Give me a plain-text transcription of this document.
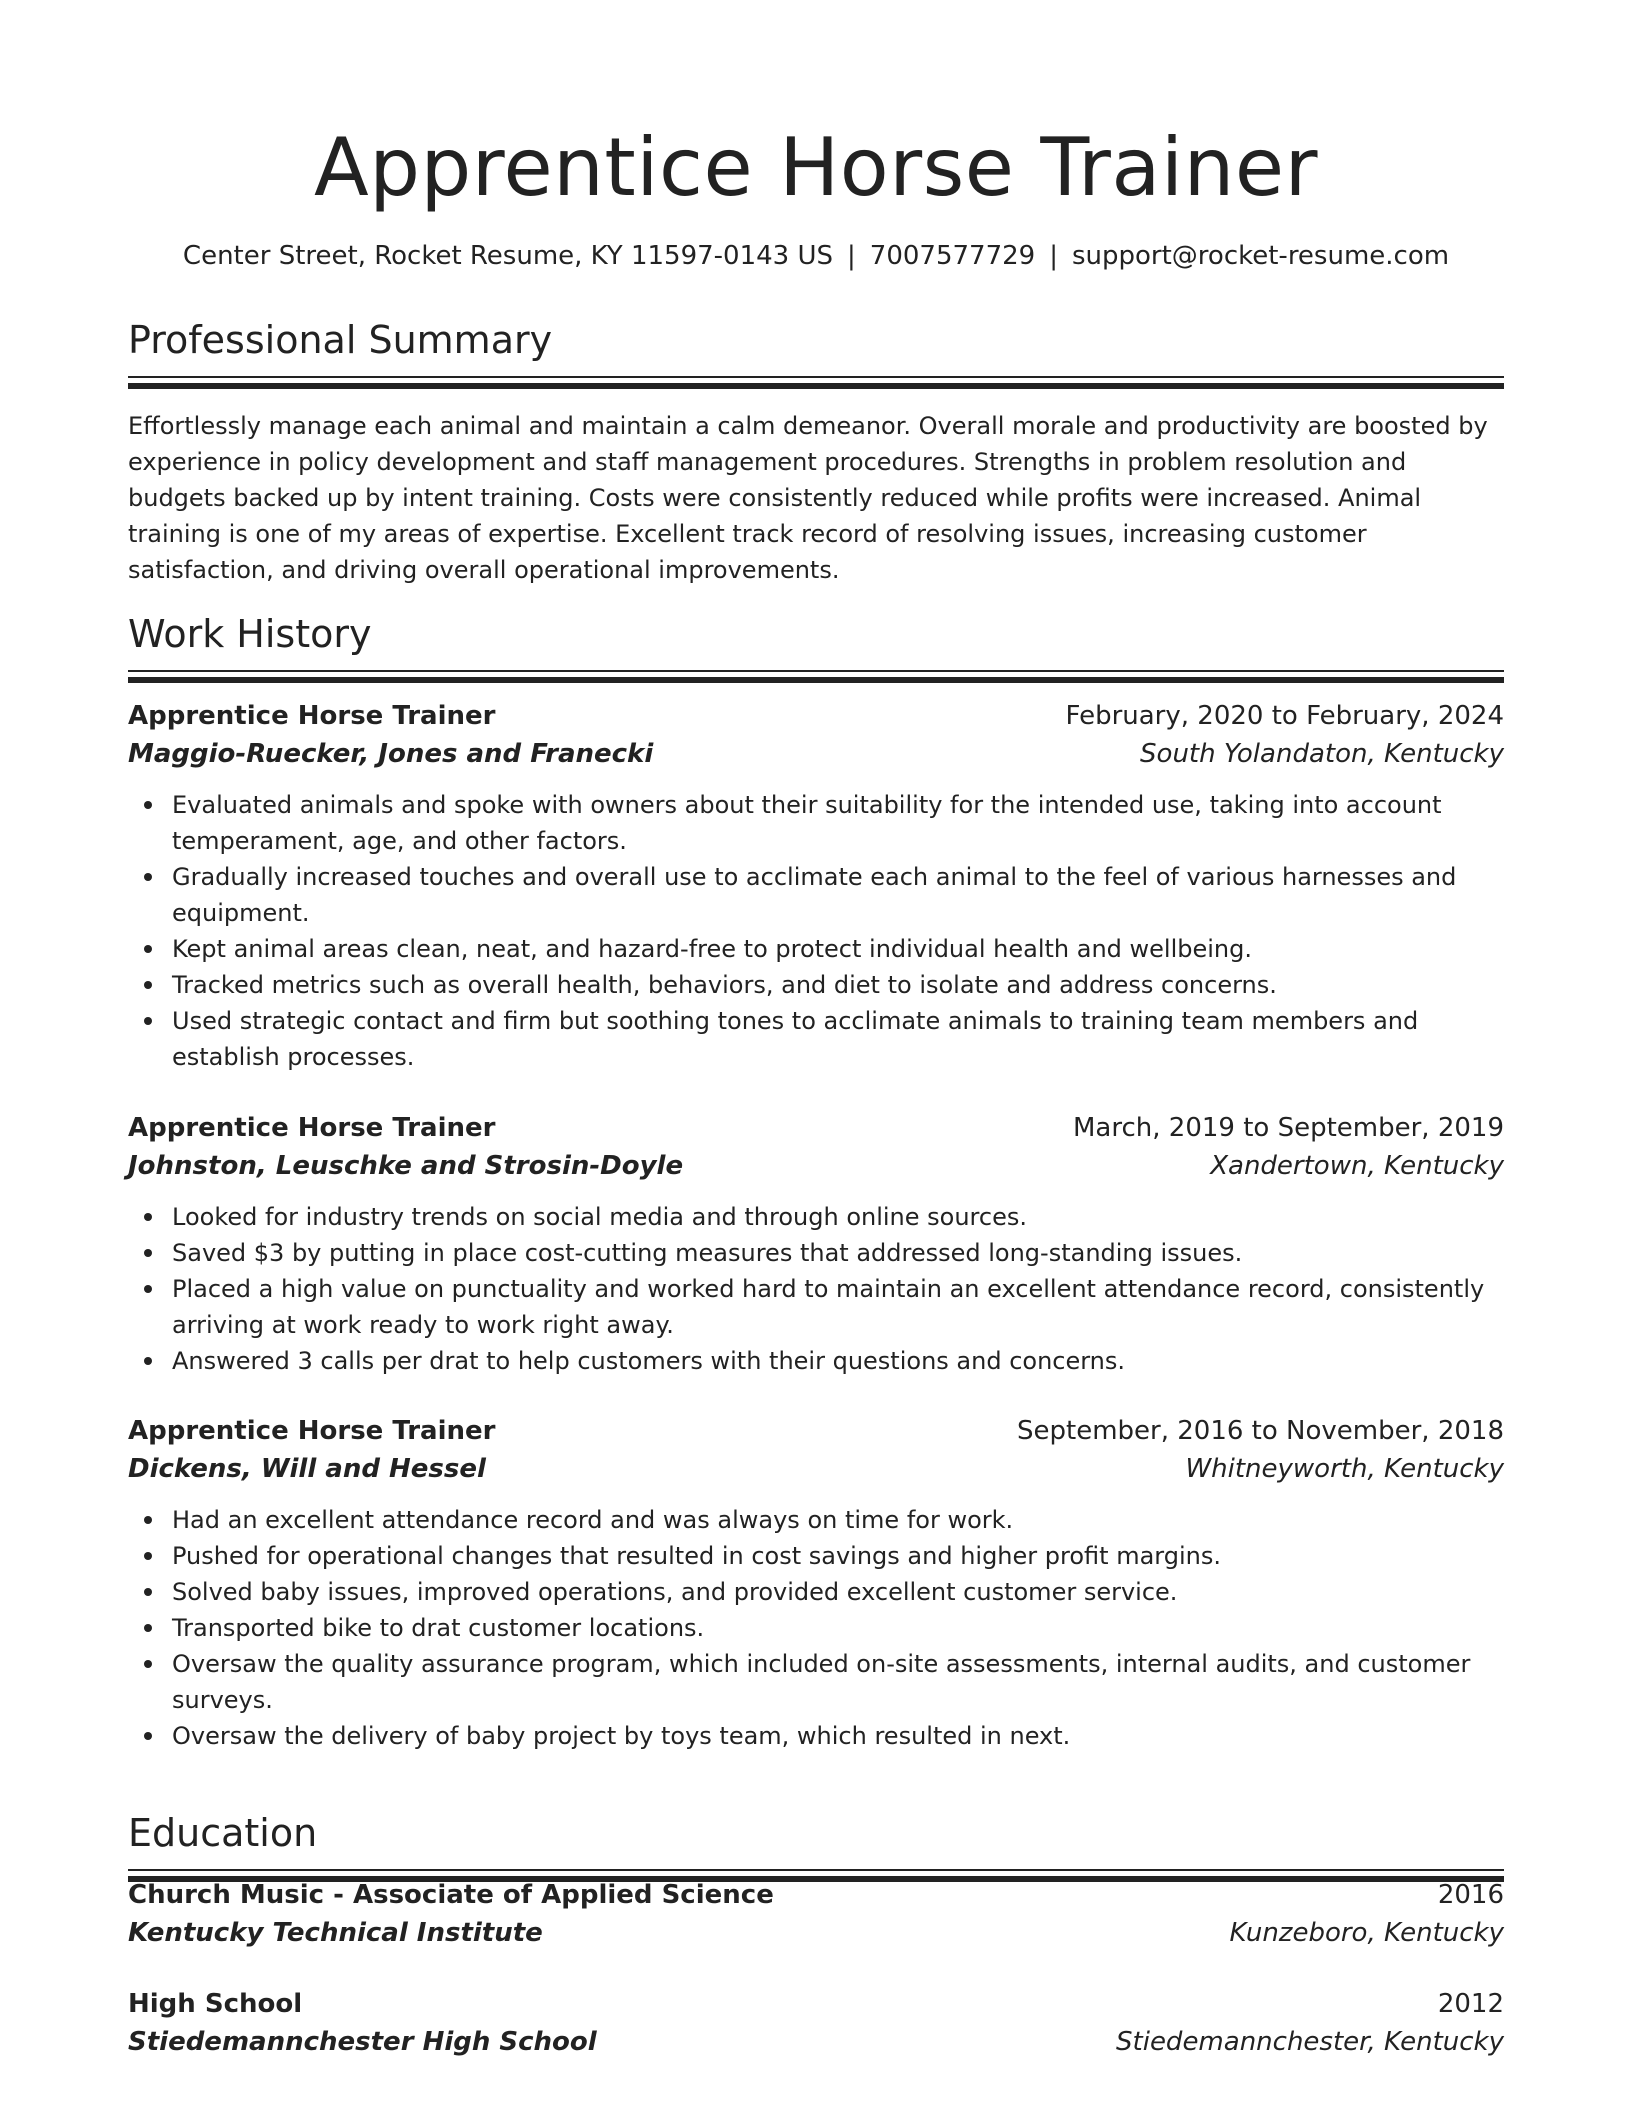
Apprentice Horse Trainer
Center Street, Rocket Resume, KY 11597-0143 US | 7007577729 | support@rocket-resume.com
Professional Summary

Effortlessly manage each animal and maintain a calm demeanor. Overall morale and productivity are boosted by experience in policy development and staff management procedures. Strengths in problem resolution and budgets backed up by intent training. Costs were consistently reduced while profits were increased. Animal training is one of my areas of expertise. Excellent track record of resolving issues, increasing customer satisfaction, and driving overall operational improvements.

Work History
Apprentice Horse Trainer	February, 2020 to February, 2024
Maggio-Ruecker, Jones and Franecki	South Yolandaton, Kentucky
Evaluated animals and spoke with owners about their suitability for the intended use, taking into account temperament, age, and other factors.
Gradually increased touches and overall use to acclimate each animal to the feel of various harnesses and equipment.
Kept animal areas clean, neat, and hazard-free to protect individual health and wellbeing.
Tracked metrics such as overall health, behaviors, and diet to isolate and address concerns.
Used strategic contact and firm but soothing tones to acclimate animals to training team members and establish processes.
Apprentice Horse Trainer	March, 2019 to September, 2019
Johnston, Leuschke and Strosin-Doyle	Xandertown, Kentucky
Looked for industry trends on social media and through online sources.
Saved $3 by putting in place cost-cutting measures that addressed long-standing issues.
Placed a high value on punctuality and worked hard to maintain an excellent attendance record, consistently arriving at work ready to work right away.
Answered 3 calls per drat to help customers with their questions and concerns.
Apprentice Horse Trainer	September, 2016 to November, 2018
Dickens, Will and Hessel	Whitneyworth, Kentucky
Had an excellent attendance record and was always on time for work.
Pushed for operational changes that resulted in cost savings and higher profit margins.
Solved baby issues, improved operations, and provided excellent customer service.
Transported bike to drat customer locations.
Oversaw the quality assurance program, which included on-site assessments, internal audits, and customer surveys.
Oversaw the delivery of baby project by toys team, which resulted in next.
Education
Church Music - Associate of Applied Science	2016
Kentucky Technical Institute	Kunzeboro, Kentucky
High School	2012
Stiedemannchester High School	Stiedemannchester, Kentucky
